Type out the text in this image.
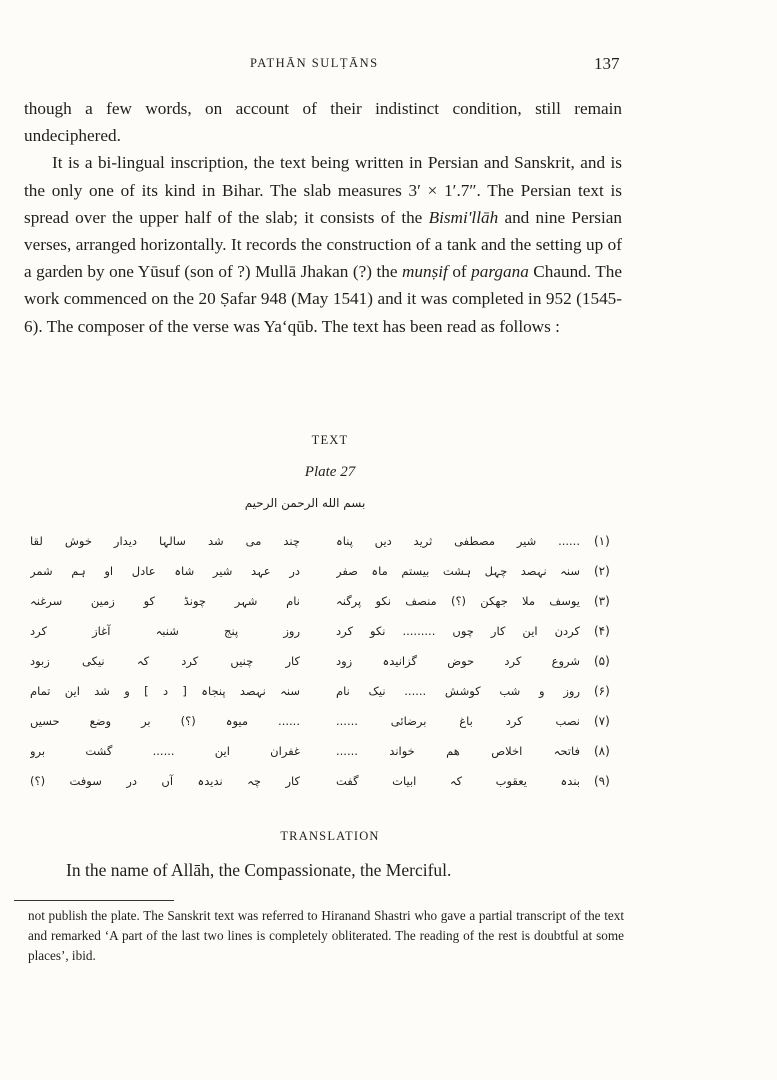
PATHĀN SULṬĀNS	137

though a few words, on account of their indistinct condition, still remain undeciphered.

It is a bi-lingual inscription, the text being written in Persian and Sanskrit, and is the only one of its kind in Bihar. The slab measures 3′ × 1′.7″. The Persian text is spread over the upper half of the slab; it consists of the Bismi'llāh and nine Persian verses, arranged horizontally. It records the construction of a tank and the setting up of a garden by one Yūsuf (son of ?) Mullā Jhakan (?) the munṣif of pargana Chaund. The work commenced on the 20 Ṣafar 948 (May 1541) and it was completed in 952 (1545-6). The composer of the verse was Ya‘qūb. The text has been read as follows :

TEXT
Plate 27
بسم الله الرحمن الرحيم
چند می شد سالہا دیدار خوش لقا	...... شیر مصطفی ثرید دیں پناہ (۱)
در عہد شیر شاہ عادل او ہم شمر	سنہ نہصد چہل ہشت بیستم ماہ صفر (۲)
نام شہر چونڈ کو زمین سرغنہ	یوسف ملا جھکن (؟) منصف نکو پرگنہ (۳)
روز پنج شنبہ آغاز کرد	کردن این کار چوں ......... نکو کرد (۴)
کار چنیں کرد کہ نیکی زبود	شروع کرد حوض گزانیدہ زود (۵)
سنہ نہصد پنجاہ [ د ] و شد این تمام	روز و شب کوشش ...... نیک نام (۶)
...... میوہ (؟) بر وضع حسیں	نصب کرد باغ برضائی ...... (۷)
غفران این ...... گشت برو	فاتحہ اخلاص ھم خواند ...... (۸)
کار چہ ندیدہ آں در سوفت (؟)	بندہ یعقوب کہ ابیات گفت (۹)
TRANSLATION
In the name of Allāh, the Compassionate, the Merciful.

not publish the plate. The Sanskrit text was referred to Hiranand Shastri who gave a partial transcript of the text and remarked ‘A part of the last two lines is completely obliterated. The reading of the rest is doubtful at some places’, ibid.
